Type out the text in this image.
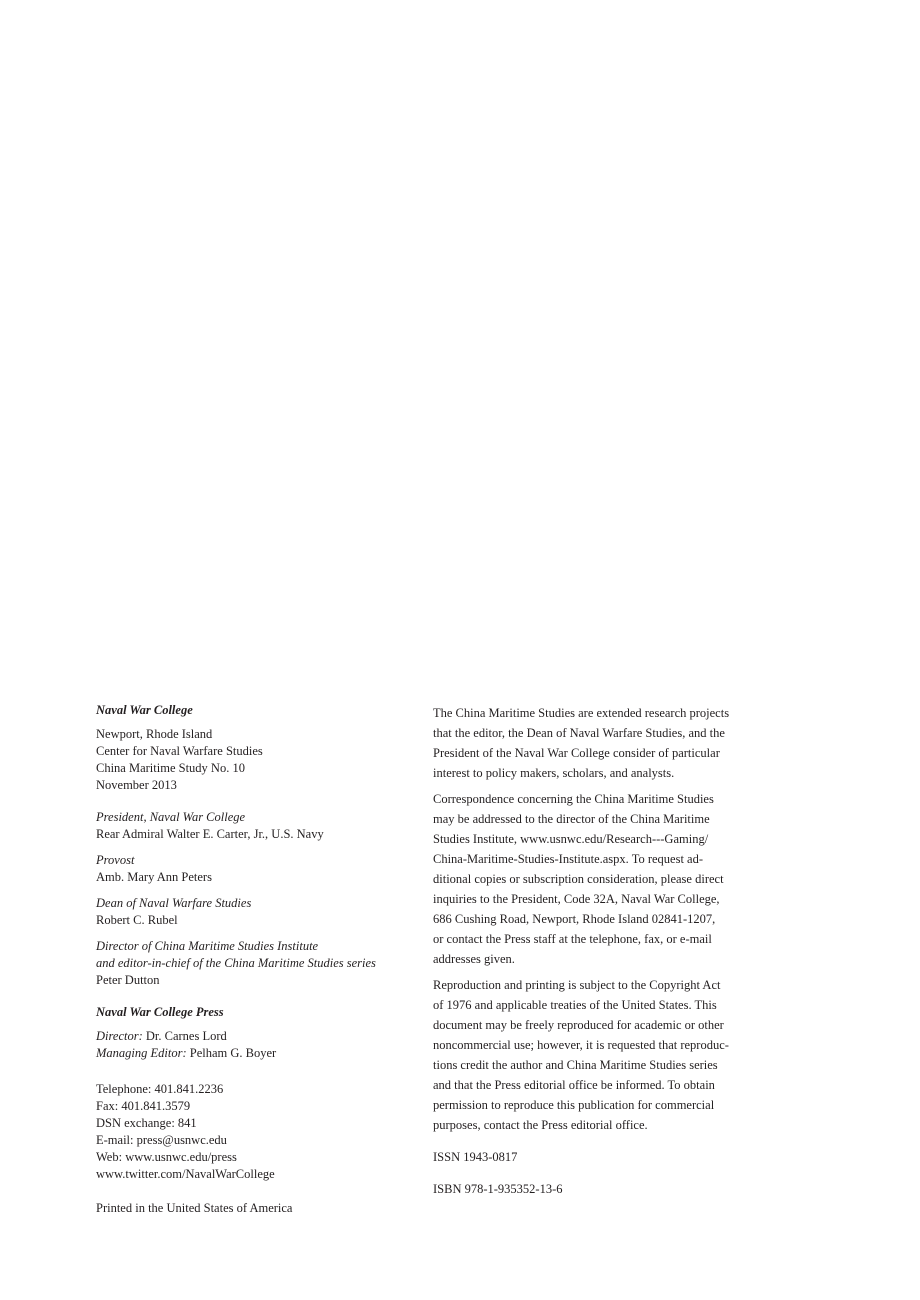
Naval War College
Newport, Rhode Island
Center for Naval Warfare Studies
China Maritime Study No. 10
November 2013
President, Naval War College
Rear Admiral Walter E. Carter, Jr., U.S. Navy
Provost
Amb. Mary Ann Peters
Dean of Naval Warfare Studies
Robert C. Rubel
Director of China Maritime Studies Institute
and editor-in-chief of the China Maritime Studies series
Peter Dutton
Naval War College Press
Director: Dr. Carnes Lord
Managing Editor: Pelham G. Boyer
Telephone: 401.841.2236
Fax: 401.841.3579
DSN exchange: 841
E-mail: press@usnwc.edu
Web: www.usnwc.edu/press
www.twitter.com/NavalWarCollege
Printed in the United States of America
The China Maritime Studies are extended research projects
that the editor, the Dean of Naval Warfare Studies, and the
President of the Naval War College consider of particular
interest to policy makers, scholars, and analysts.
Correspondence concerning the China Maritime Studies
may be addressed to the director of the China Maritime
Studies Institute, www.usnwc.edu/Research---Gaming/
China-Maritime-Studies-Institute.aspx. To request ad-
ditional copies or subscription consideration, please direct
inquiries to the President, Code 32A, Naval War College,
686 Cushing Road, Newport, Rhode Island 02841-1207,
or contact the Press staff at the telephone, fax, or e-mail
addresses given.
Reproduction and printing is subject to the Copyright Act
of 1976 and applicable treaties of the United States. This
document may be freely reproduced for academic or other
noncommercial use; however, it is requested that reproduc-
tions credit the author and China Maritime Studies series
and that the Press editorial office be informed. To obtain
permission to reproduce this publication for commercial
purposes, contact the Press editorial office.
ISSN 1943-0817
ISBN 978-1-935352-13-6
